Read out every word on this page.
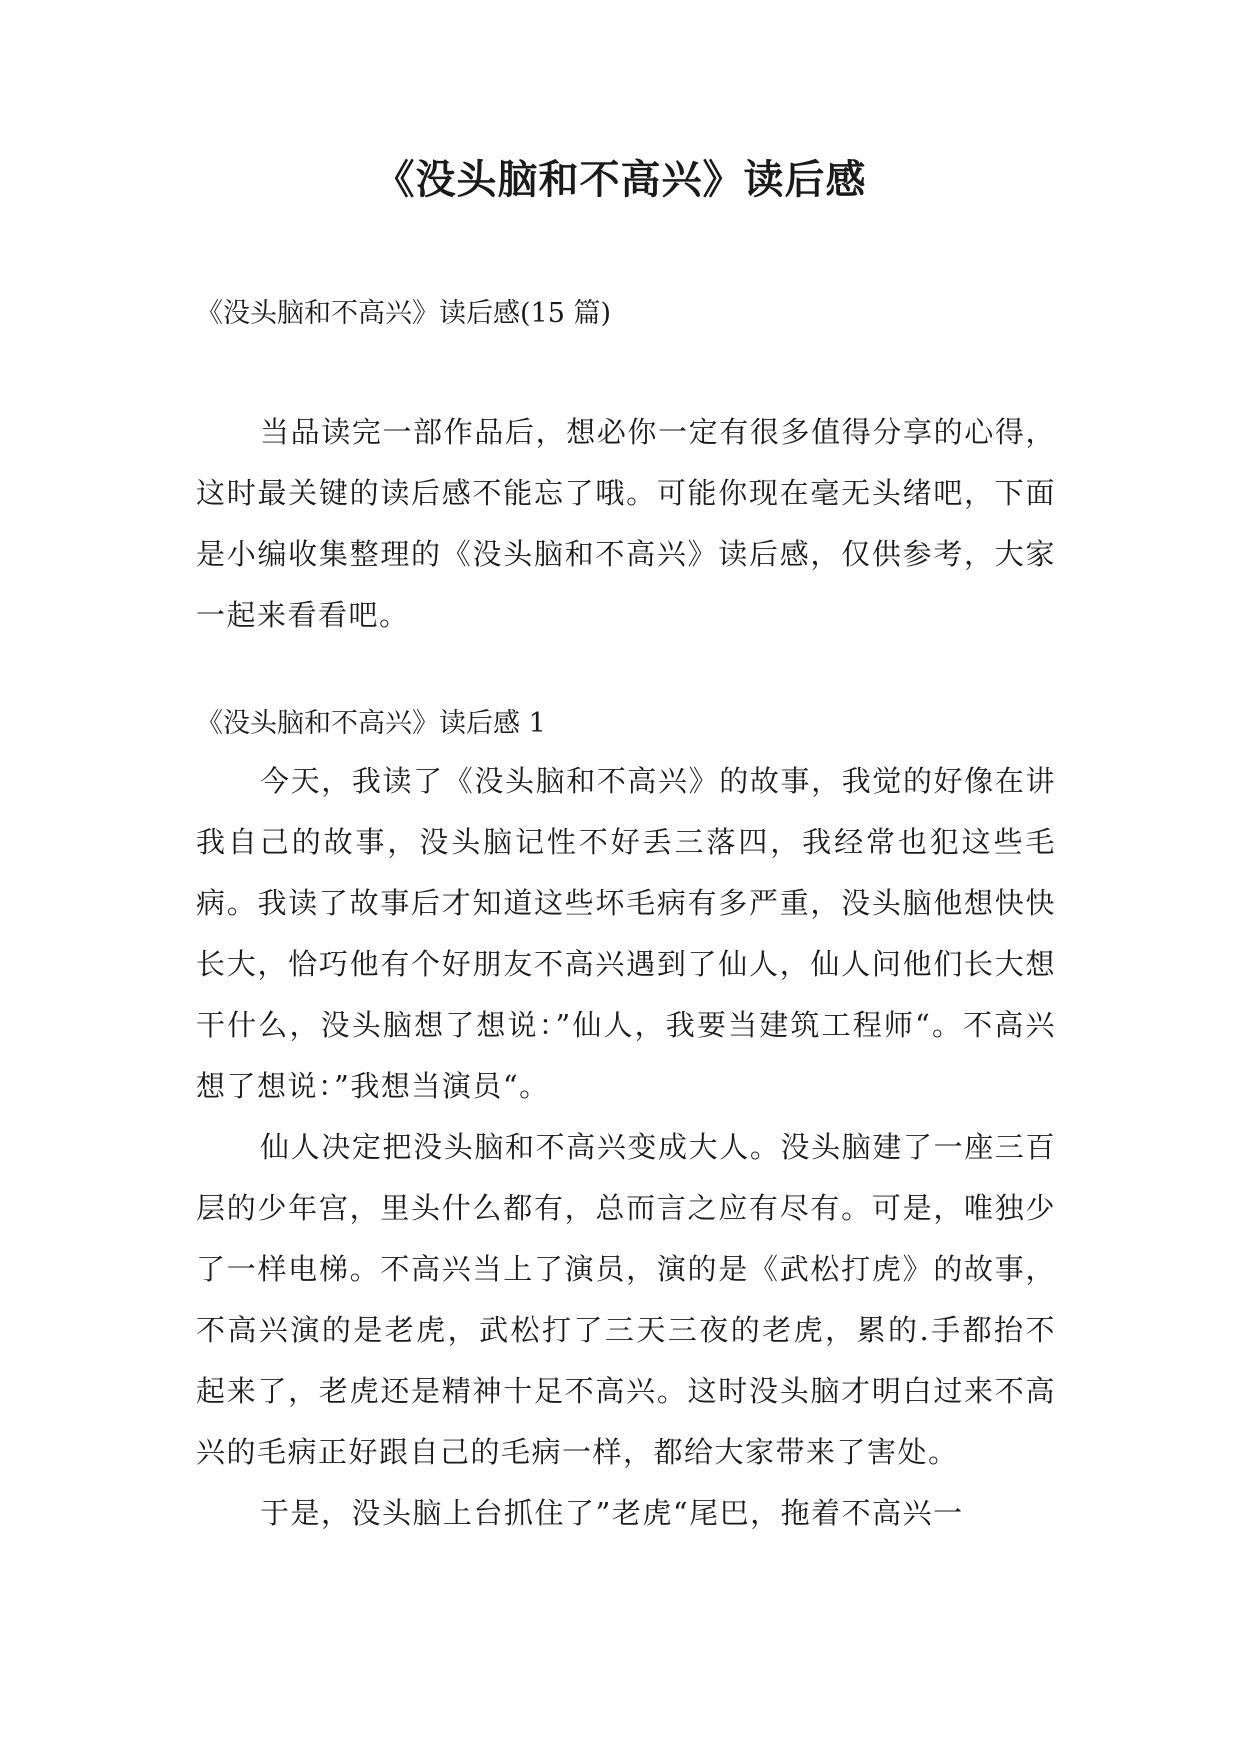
《没头脑和不高兴》读后感

《没头脑和不高兴》读后感(15 篇)

当品读完一部作品后，想必你一定有很多值得分享的心得，这时最关键的读后感不能忘了哦。可能你现在毫无头绪吧，下面是小编收集整理的《没头脑和不高兴》读后感，仅供参考，大家一起来看看吧。

《没头脑和不高兴》读后感 1

今天，我读了《没头脑和不高兴》的故事，我觉的好像在讲我自己的故事，没头脑记性不好丢三落四，我经常也犯这些毛病。我读了故事后才知道这些坏毛病有多严重，没头脑他想快快长大，恰巧他有个好朋友不高兴遇到了仙人，仙人问他们长大想干什么，没头脑想了想说：”仙人，我要当建筑工程师“。不高兴想了想说：”我想当演员“。

仙人决定把没头脑和不高兴变成大人。没头脑建了一座三百层的少年宫，里头什么都有，总而言之应有尽有。可是，唯独少了一样电梯。不高兴当上了演员，演的是《武松打虎》的故事，不高兴演的是老虎，武松打了三天三夜的老虎，累的.手都抬不起来了，老虎还是精神十足不高兴。这时没头脑才明白过来不高兴的毛病正好跟自己的毛病一样，都给大家带来了害处。

于是，没头脑上台抓住了”老虎“尾巴，拖着不高兴一
